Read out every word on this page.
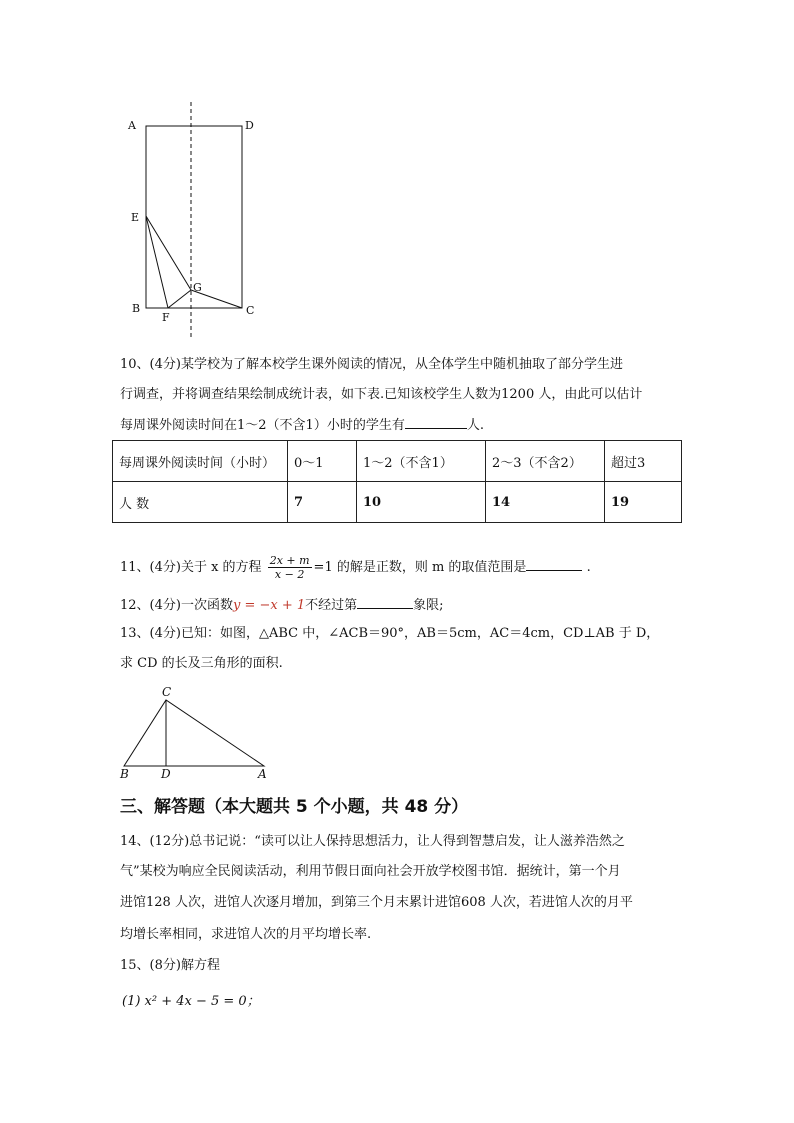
A	D
E
B
F
G
C
10、(4分)某学校为了解本校学生课外阅读的情况，从全体学生中随机抽取了部分学生进
行调查，并将调查结果绘制成统计表，如下表.已知该校学生人数为1200 人，由此可以估计
每周课外阅读时间在1～2（不含1）小时的学生有	人.
每周课外阅读时间（小时）	0～1	1～2（不含1）	2～3（不含2）	超过3
人 数	7	10	14	19
11、(4分)关于 x 的方程 $\frac{2x + m}{x - 2} =1$ 的解是正数，则 m 的取值范围是	.
12、(4分)一次函数y = −x + 1不经过第	象限;
13、(4分)已知：如图，△ABC 中，∠ACB＝90°，AB＝5cm，AC＝4cm，CD⊥AB 于 D，
求 CD 的长及三角形的面积.
C
B	D	A
三、解答题（本大题共 5 个小题，共 48 分）
14、(12分)总书记说：“读可以让人保持思想活力，让人得到智慧启发，让人滋养浩然之
气”某校为响应全民阅读活动，利用节假日面向社会开放学校图书馆．据统计，第一个月
进馆128 人次，进馆人次逐月增加，到第三个月末累计进馆608 人次，若进馆人次的月平
均增长率相同，求进馆人次的月平均增长率.
15、(8分)解方程
(1) x² + 4x − 5 = 0；
